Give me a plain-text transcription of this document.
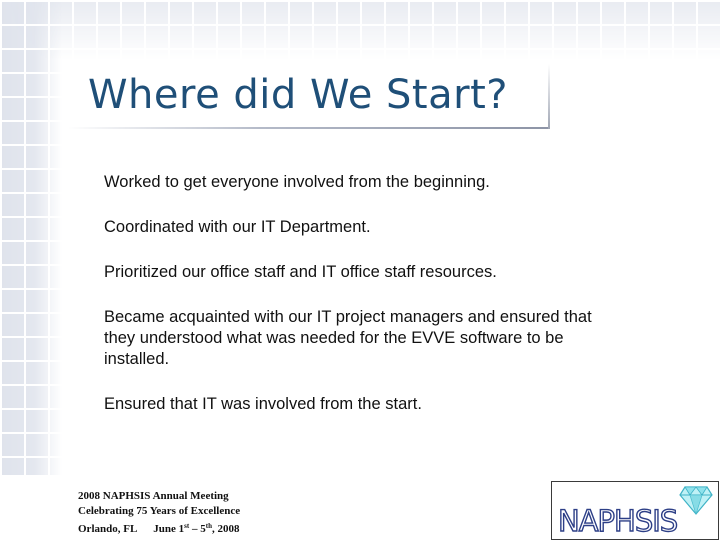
Where did We Start?
Worked to get everyone involved from the beginning.
Coordinated with our IT Department.
Prioritized our office staff and IT office staff resources.
Became acquainted with our IT project managers and ensured that they understood what was needed for the EVVE software to be installed.
Ensured that IT was involved from the start.
2008 NAPHSIS Annual Meeting
Celebrating 75 Years of Excellence
Orlando, FL June 1st – 5th, 2008	NAPHSIS
